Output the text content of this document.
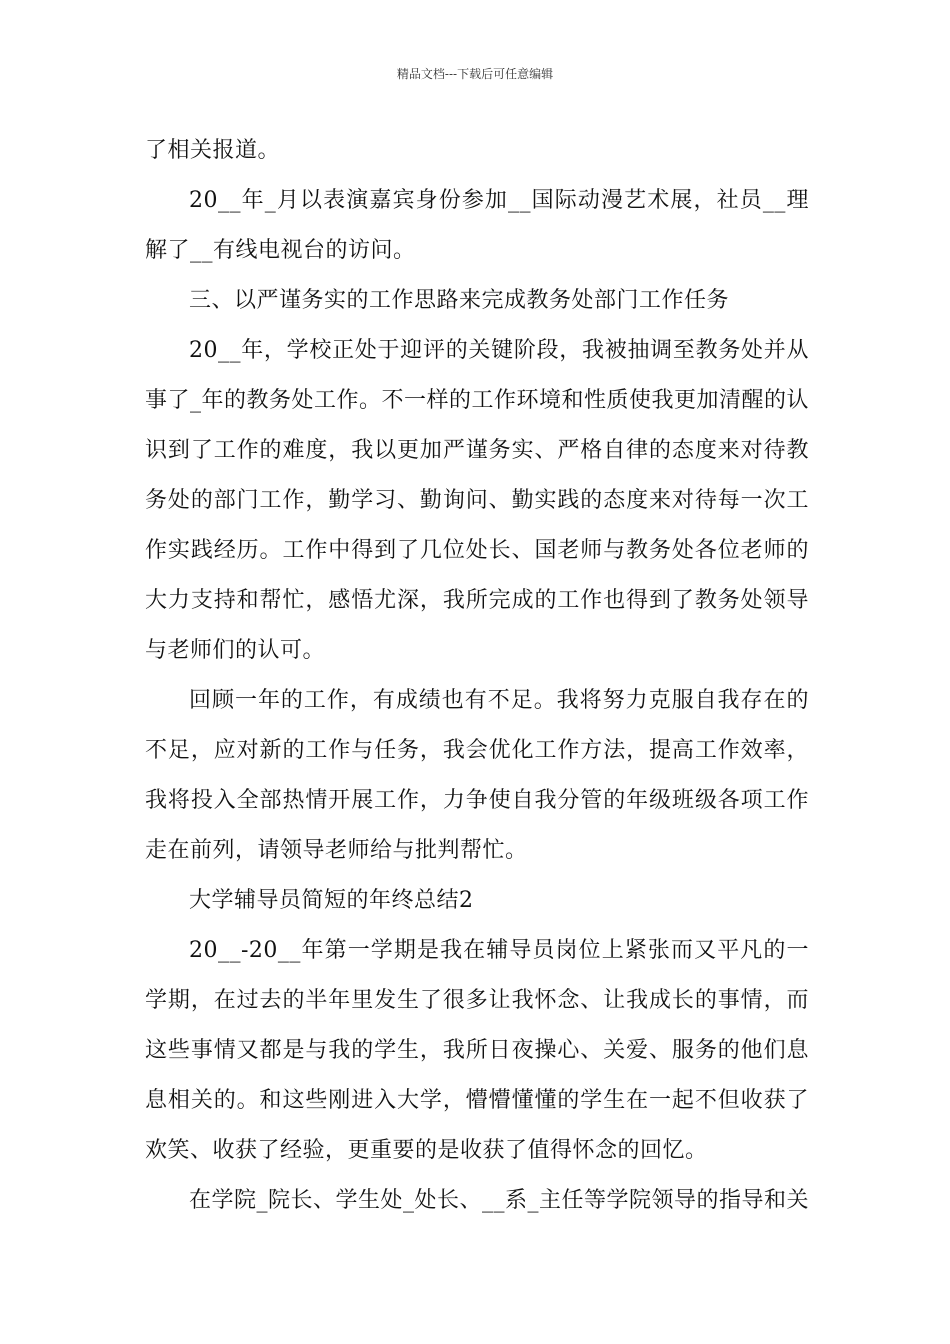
精品文档---下载后可任意编辑

了相关报道。

20__年_月以表演嘉宾身份参加__国际动漫艺术展，社员__理解了__有线电视台的访问。

三、以严谨务实的工作思路来完成教务处部门工作任务

20__年，学校正处于迎评的关键阶段，我被抽调至教务处并从事了_年的教务处工作。不一样的工作环境和性质使我更加清醒的认识到了工作的难度，我以更加严谨务实、严格自律的态度来对待教务处的部门工作，勤学习、勤询问、勤实践的态度来对待每一次工作实践经历。工作中得到了几位处长、国老师与教务处各位老师的大力支持和帮忙，感悟尤深，我所完成的工作也得到了教务处领导与老师们的认可。

回顾一年的工作，有成绩也有不足。我将努力克服自我存在的不足，应对新的工作与任务，我会优化工作方法，提高工作效率，我将投入全部热情开展工作，力争使自我分管的年级班级各项工作走在前列，请领导老师给与批判帮忙。

大学辅导员简短的年终总结2

20__-20__年第一学期是我在辅导员岗位上紧张而又平凡的一学期，在过去的半年里发生了很多让我怀念、让我成长的事情，而这些事情又都是与我的学生，我所日夜操心、关爱、服务的他们息息相关的。和这些刚进入大学，懵懵懂懂的学生在一起不但收获了欢笑、收获了经验，更重要的是收获了值得怀念的回忆。

在学院_院长、学生处_处长、__系_主任等学院领导的指导和关
